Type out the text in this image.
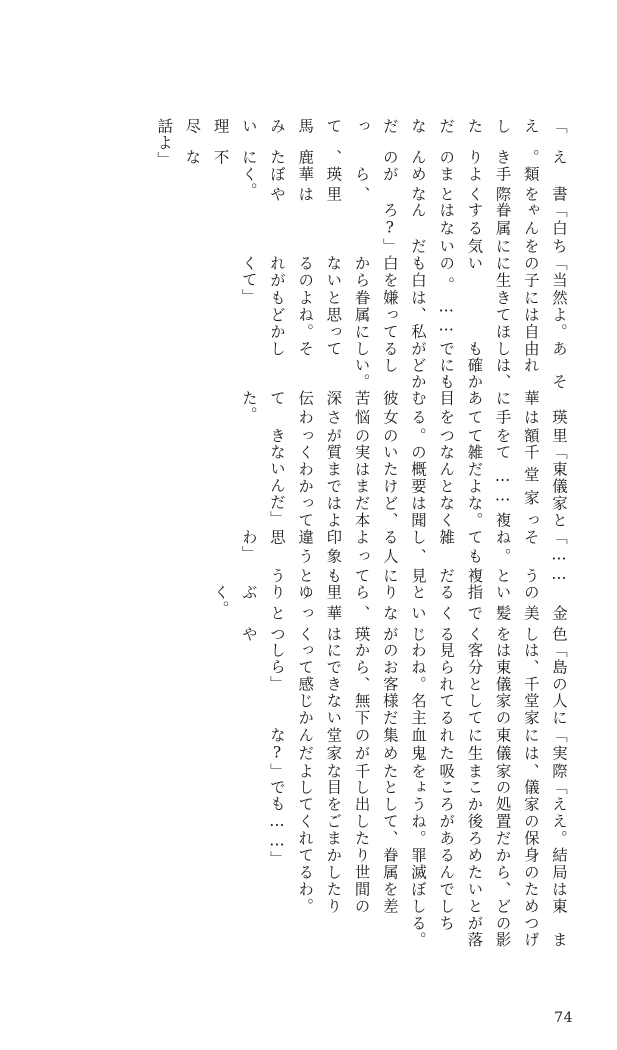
「ええ。しきたりだのなんだのって、馬鹿みたいに理不尽な話よ」

　書類を手際よくまとめながら、瑛里華はぼやく。

「白ちゃんを眷属にする気はないんだろ?」

「当然よ。あの子には自由に生きてほしいもの。……でも白は、私が白を嫌ってるから眷属にしないと思ってるのよね。それがもどかしくて」

　それは、確かにもどかしい。

　瑛里華は額に手をあてて目をつむる。彼女の苦悩の深さが伝わってきた。

「東儀家と千堂家って……複雑だよな。なんとなくの概要は聞いたけど、実はまだ本質まではよくわかってないんだ」

「……そうね。とても複雑だし、見る人によって印象も違うと思うわ」

　金色の美しい髪を指でくるくるといじりながら、瑛里華はゆっくりとつぶやく。

「島の人には、千堂家は東儀家の客分として見られてるわね。名主のお客様だから、無下にできないって感じかしら」

「実際には、東儀家に生まれた吸血鬼を集めたのが千堂家なんだよな?」

「ええ。結局は東儀家の保身のための処置だから、どこか後ろめたいところがあるんでしょうね。罪滅ぼしとして、眷属を差し出したり世間の目をごまかしたりしてくれてるわ。でも……」

　まつげの影が落ちる。

74
